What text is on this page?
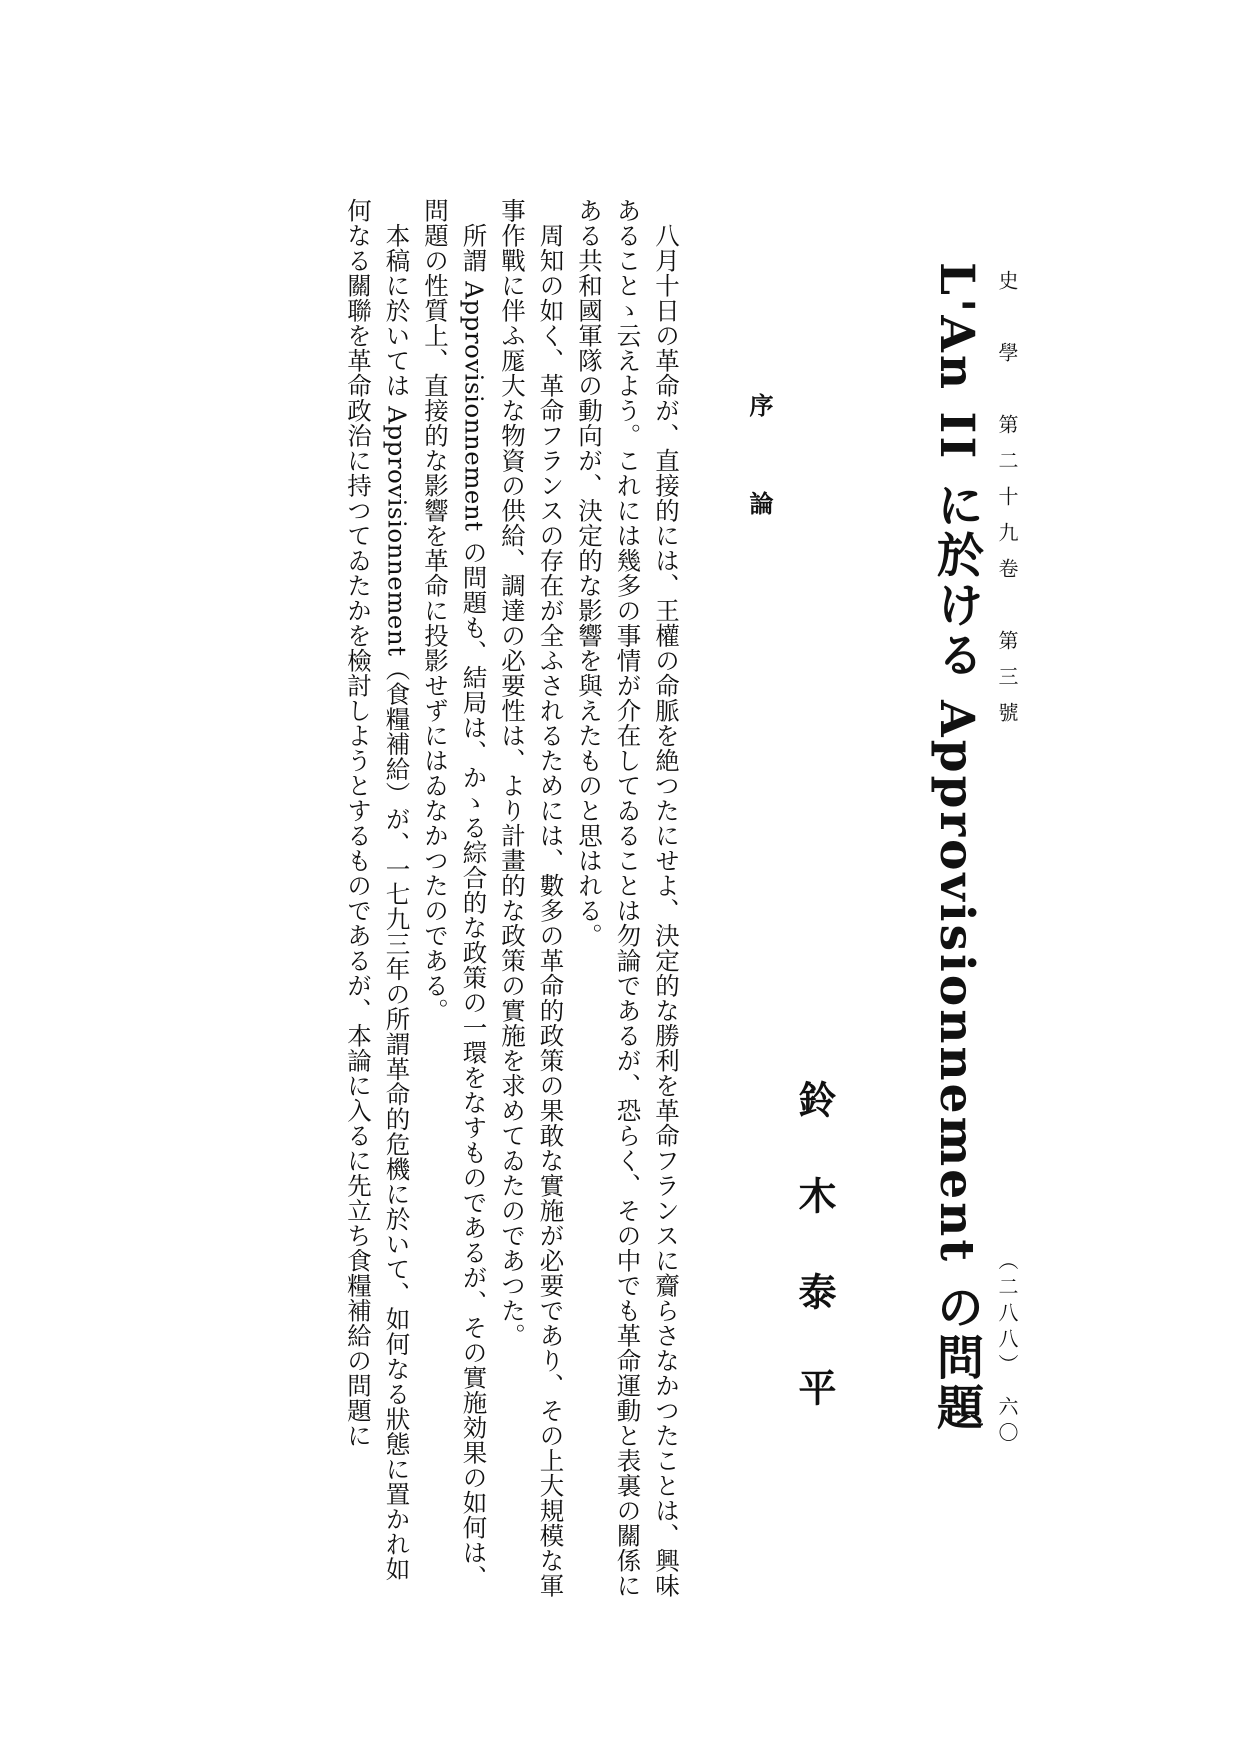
史　學　第二十九卷　第三號
（二八八）　六〇
L'An II に於ける Approvisionnement の問題
鈴木泰平
序論

八月十日の革命が、直接的には、王權の命脈を絶つたにせよ、決定的な勝利を革命フランスに齎らさなかつたことは、興味あることゝ云えよう。これには幾多の事情が介在してゐることは勿論であるが、恐らく、その中でも革命運動と表裏の關係にある共和國軍隊の動向が、決定的な影響を與えたものと思はれる。

周知の如く、革命フランスの存在が全ふされるためには、數多の革命的政策の果敢な實施が必要であり、その上大規模な軍事作戰に伴ふ厖大な物資の供給、調達の必要性は、より計畫的な政策の實施を求めてゐたのであつた。

所謂 Approvisionnement の問題も、結局は、かゝる綜合的な政策の一環をなすものであるが、その實施効果の如何は、問題の性質上、直接的な影響を革命に投影せずにはゐなかつたのである。

本稿に於いては Approvisionnement（食糧補給）が、一七九三年の所謂革命的危機に於いて、如何なる狀態に置かれ如何なる關聯を革命政治に持つてゐたかを檢討しようとするものであるが、本論に入るに先立ち食糧補給の問題に
